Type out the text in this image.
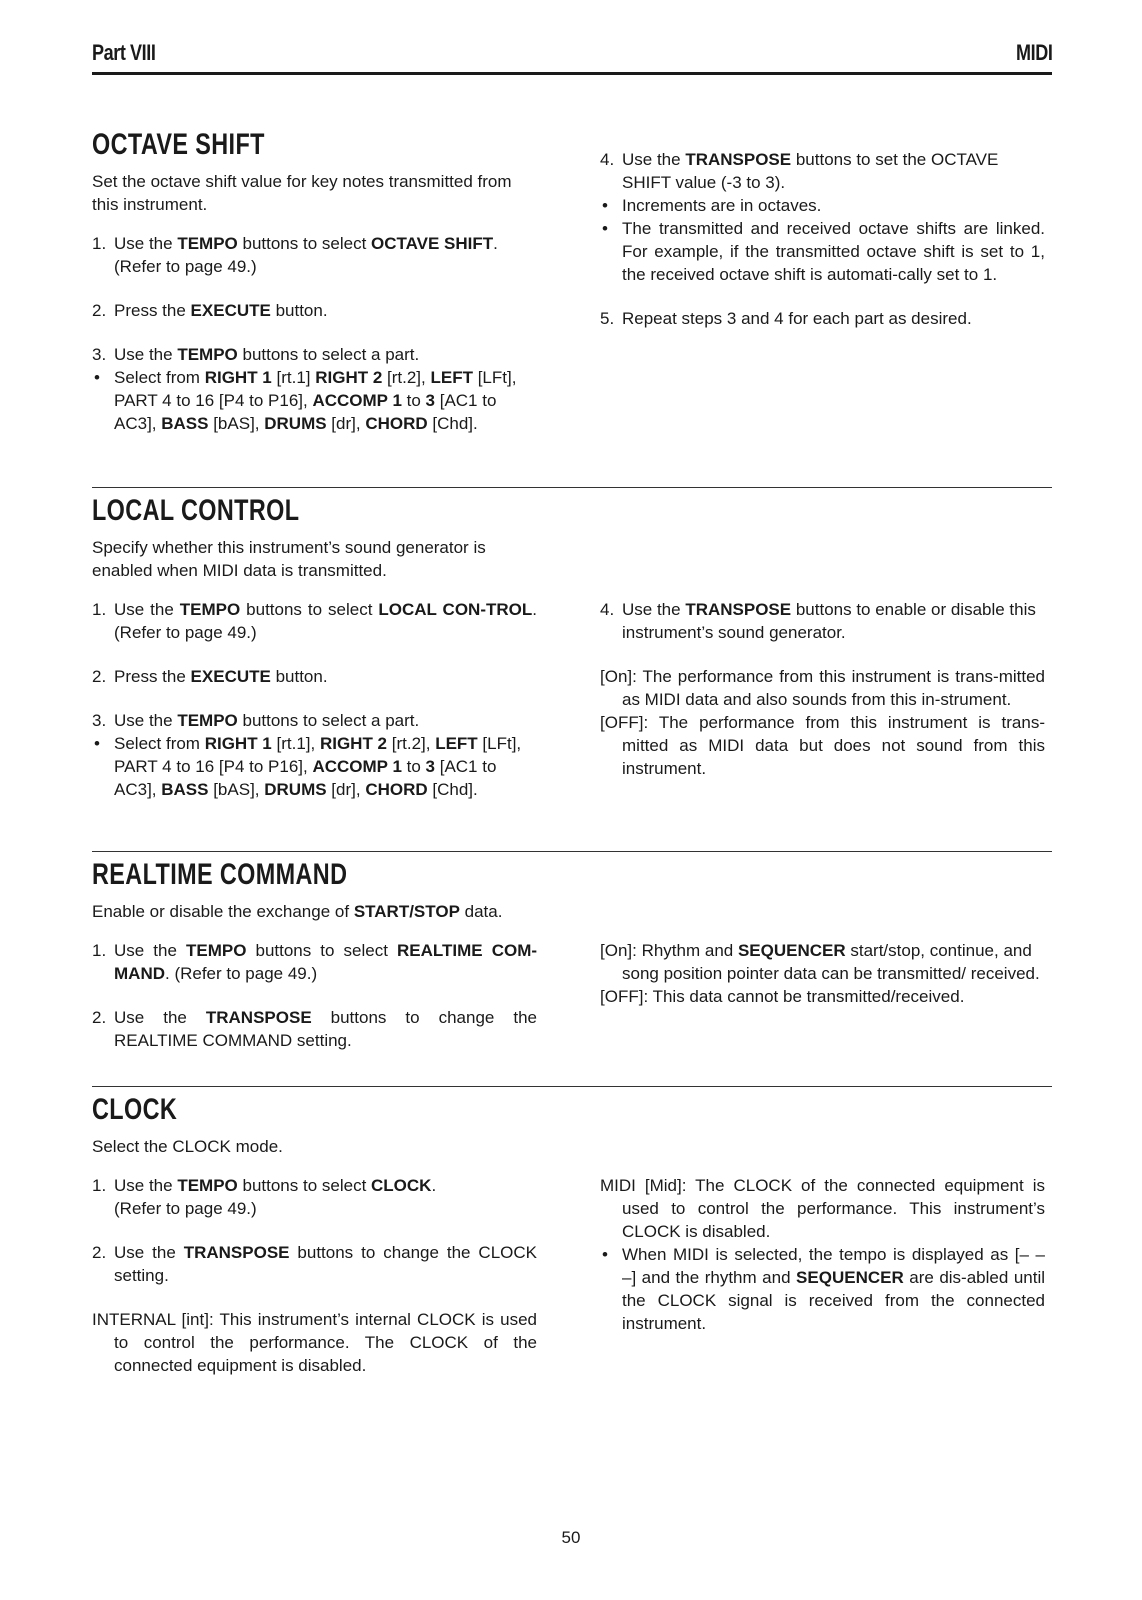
Part VIII	MIDI
OCTAVE SHIFT

Set the octave shift value for key notes transmitted from this instrument.

1. Use the TEMPO buttons to select OCTAVE SHIFT.
(Refer to page 49.)
2. Press the EXECUTE button.
3. Use the TEMPO buttons to select a part.
• Select from RIGHT 1 [rt.1] RIGHT 2 [rt.2], LEFT [LFt], PART 4 to 16 [P4 to P16], ACCOMP 1 to 3 [AC1 to AC3], BASS [bAS], DRUMS [dr], CHORD [Chd].
4. Use the TRANSPOSE buttons to set the OCTAVE SHIFT value (-3 to 3).
• Increments are in octaves.
• The transmitted and received octave shifts are linked. For example, if the transmitted octave shift is set to 1, the received octave shift is automati-cally set to 1.
5. Repeat steps 3 and 4 for each part as desired.
LOCAL CONTROL

Specify whether this instrument’s sound generator is enabled when MIDI data is transmitted.

1. Use the TEMPO buttons to select LOCAL CON-TROL. (Refer to page 49.)
2. Press the EXECUTE button.
3. Use the TEMPO buttons to select a part.
• Select from RIGHT 1 [rt.1], RIGHT 2 [rt.2], LEFT [LFt], PART 4 to 16 [P4 to P16], ACCOMP 1 to 3 [AC1 to AC3], BASS [bAS], DRUMS [dr], CHORD [Chd].
4. Use the TRANSPOSE buttons to enable or disable this instrument’s sound generator.

[On]: The performance from this instrument is trans-mitted as MIDI data and also sounds from this in-strument.

[OFF]: The performance from this instrument is trans-mitted as MIDI data but does not sound from this instrument.

REALTIME COMMAND

Enable or disable the exchange of START/STOP data.

1. Use the TEMPO buttons to select REALTIME COM-MAND. (Refer to page 49.)
2. Use the TRANSPOSE buttons to change the REALTIME COMMAND setting.

[On]: Rhythm and SEQUENCER start/stop, continue, and song position pointer data can be transmitted/ received.

[OFF]: This data cannot be transmitted/received.

CLOCK

Select the CLOCK mode.

1. Use the TEMPO buttons to select CLOCK.
(Refer to page 49.)
2. Use the TRANSPOSE buttons to change the CLOCK setting.

INTERNAL [int]: This instrument’s internal CLOCK is used to control the performance. The CLOCK of the connected equipment is disabled.

MIDI [Mid]: The CLOCK of the connected equipment is used to control the performance. This instrument’s CLOCK is disabled.

• When MIDI is selected, the tempo is displayed as [– – –] and the rhythm and SEQUENCER are dis-abled until the CLOCK signal is received from the connected instrument.
50
